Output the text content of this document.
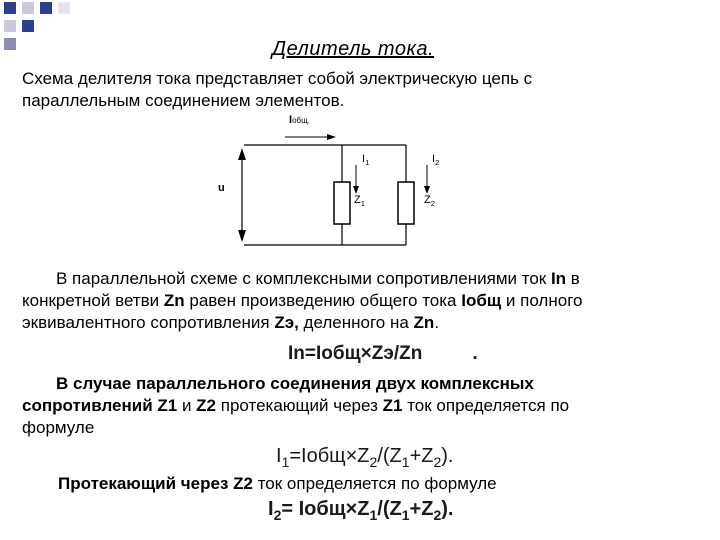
Делитель тока.
Схема делителя тока представляет собой электрическую цепь с
параллельным соединением элементов.
Iобщ.
u
$I_1$	$I_2$
$Z_1$	$Z_2$
В параллельной схеме с комплексными сопротивлениями ток In в
конкретной ветви Zn равен произведению общего тока Iобщ и полного
эквивалентного сопротивления Zэ, деленного на Zn.
In=Iобщ×Zэ/Zn	.
В случае параллельного соединения двух комплексных
сопротивлений Z1 и Z2 протекающий через Z1 ток определяется по
формуле
$I_1=Iобщ\times Z_2/(Z_1+Z_2)$.
Протекающий через Z2 ток определяется по формуле
$I_2=$ $Iобщ\times Z_1/(Z_1+Z_2)$.
